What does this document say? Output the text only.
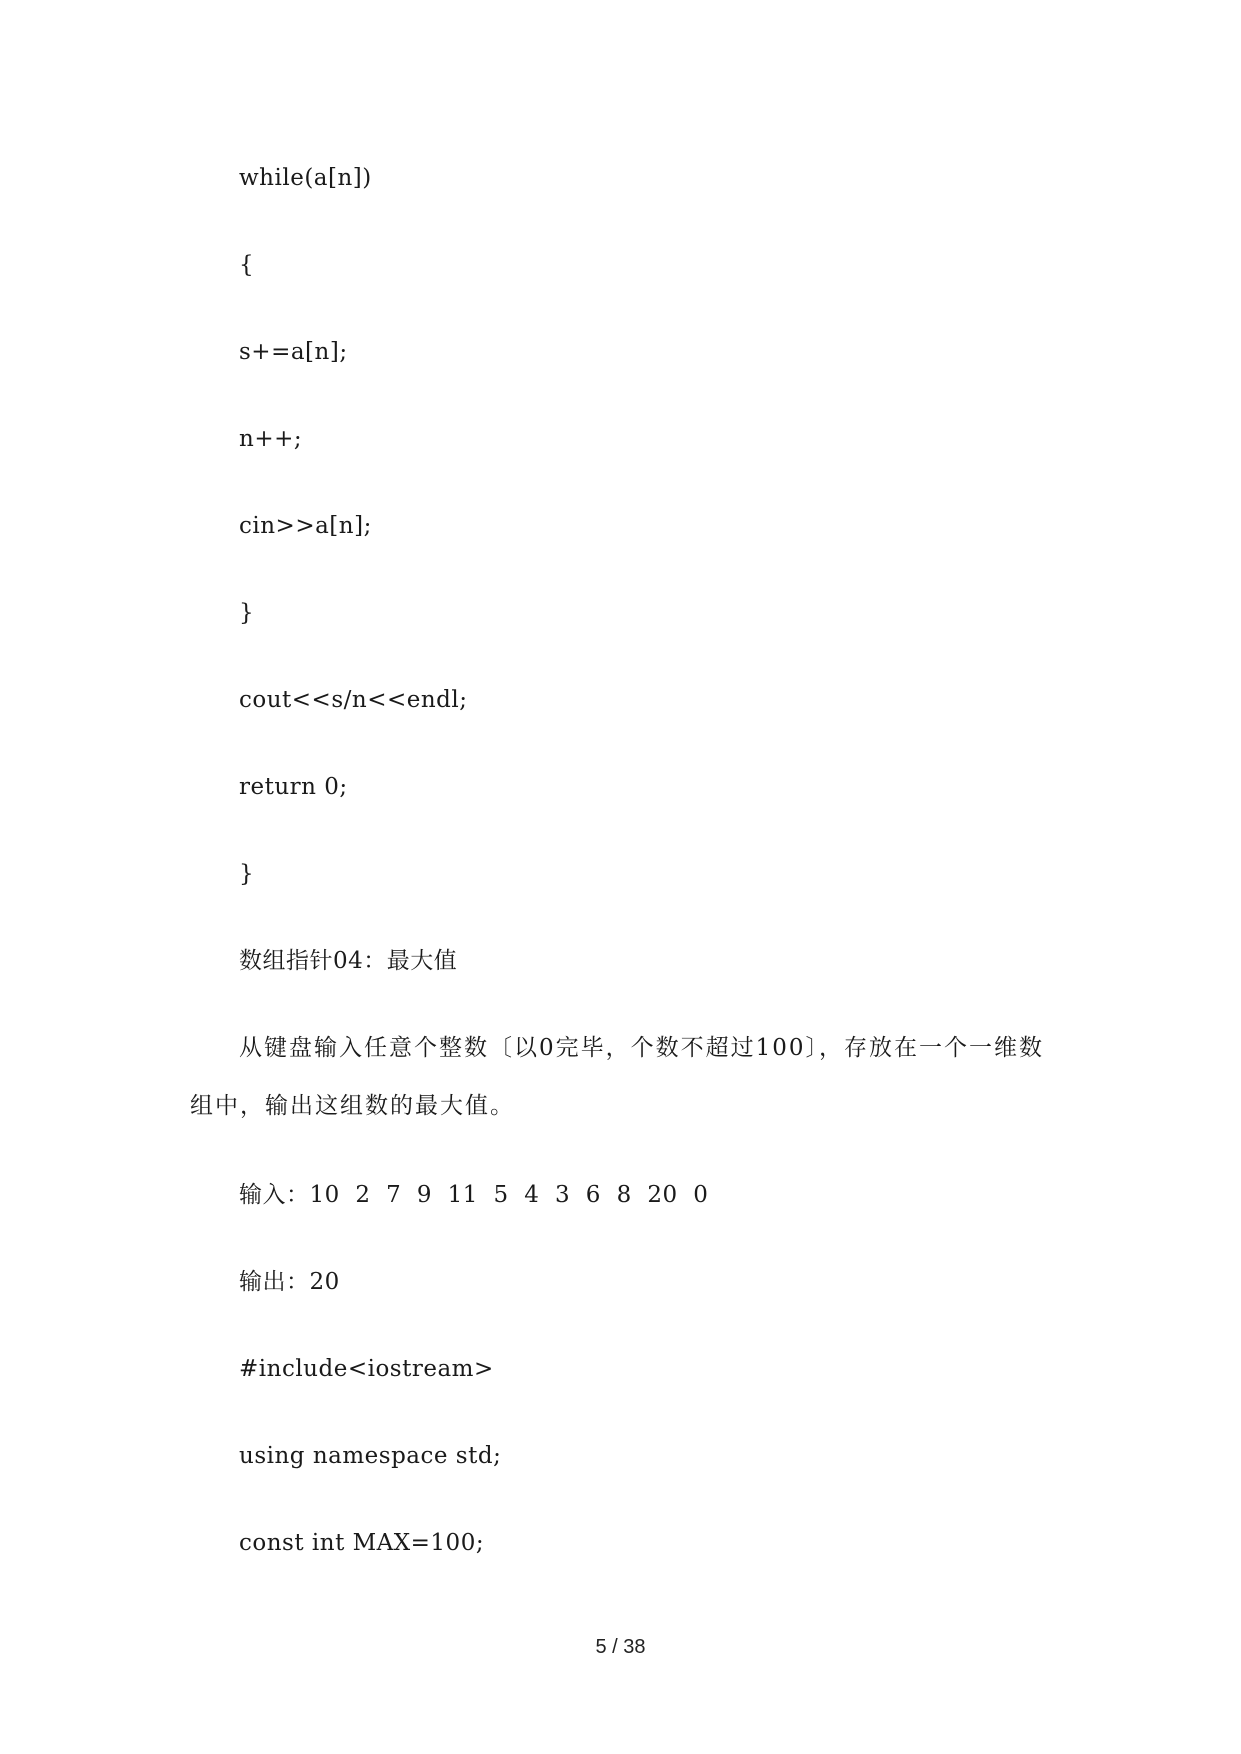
while(a[n])
{
s+=a[n];
n++;
cin>>a[n];
}
cout<<s/n<<endl;
return 0;
}
数组指针04：最大值
从键盘输入任意个整数〔以0完毕，个数不超过100〕，存放在一个一维数组中，输出这组数的最大值。
输入：10  2  7  9  11  5  4  3  6  8  20  0
输出：20
#include<iostream>
using namespace std;
const int MAX=100;
5 / 38
